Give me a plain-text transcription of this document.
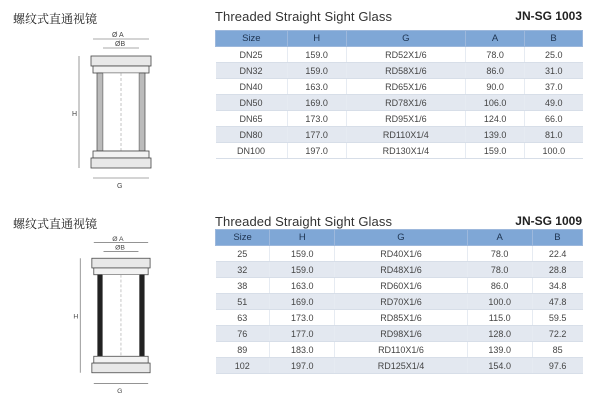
螺纹式直通视镜	Threaded Straight Sight Glass	JN-SG 1003
Ø A
ØB
H
G
Size	H	G	A	B
DN25	159.0	RD52X1/6	78.0	25.0
DN32	159.0	RD58X1/6	86.0	31.0
DN40	163.0	RD65X1/6	90.0	37.0
DN50	169.0	RD78X1/6	106.0	49.0
DN65	173.0	RD95X1/6	124.0	66.0
DN80	177.0	RD110X1/4	139.0	81.0
DN100	197.0	RD130X1/4	159.0	100.0
螺纹式直通视镜	Threaded Straight Sight Glass	JN-SG 1009
Ø A
ØB
H
G
Size	H	G	A	B
25	159.0	RD40X1/6	78.0	22.4
32	159.0	RD48X1/6	78.0	28.8
38	163.0	RD60X1/6	86.0	34.8
51	169.0	RD70X1/6	100.0	47.8
63	173.0	RD85X1/6	115.0	59.5
76	177.0	RD98X1/6	128.0	72.2
89	183.0	RD110X1/6	139.0	85
102	197.0	RD125X1/4	154.0	97.6
